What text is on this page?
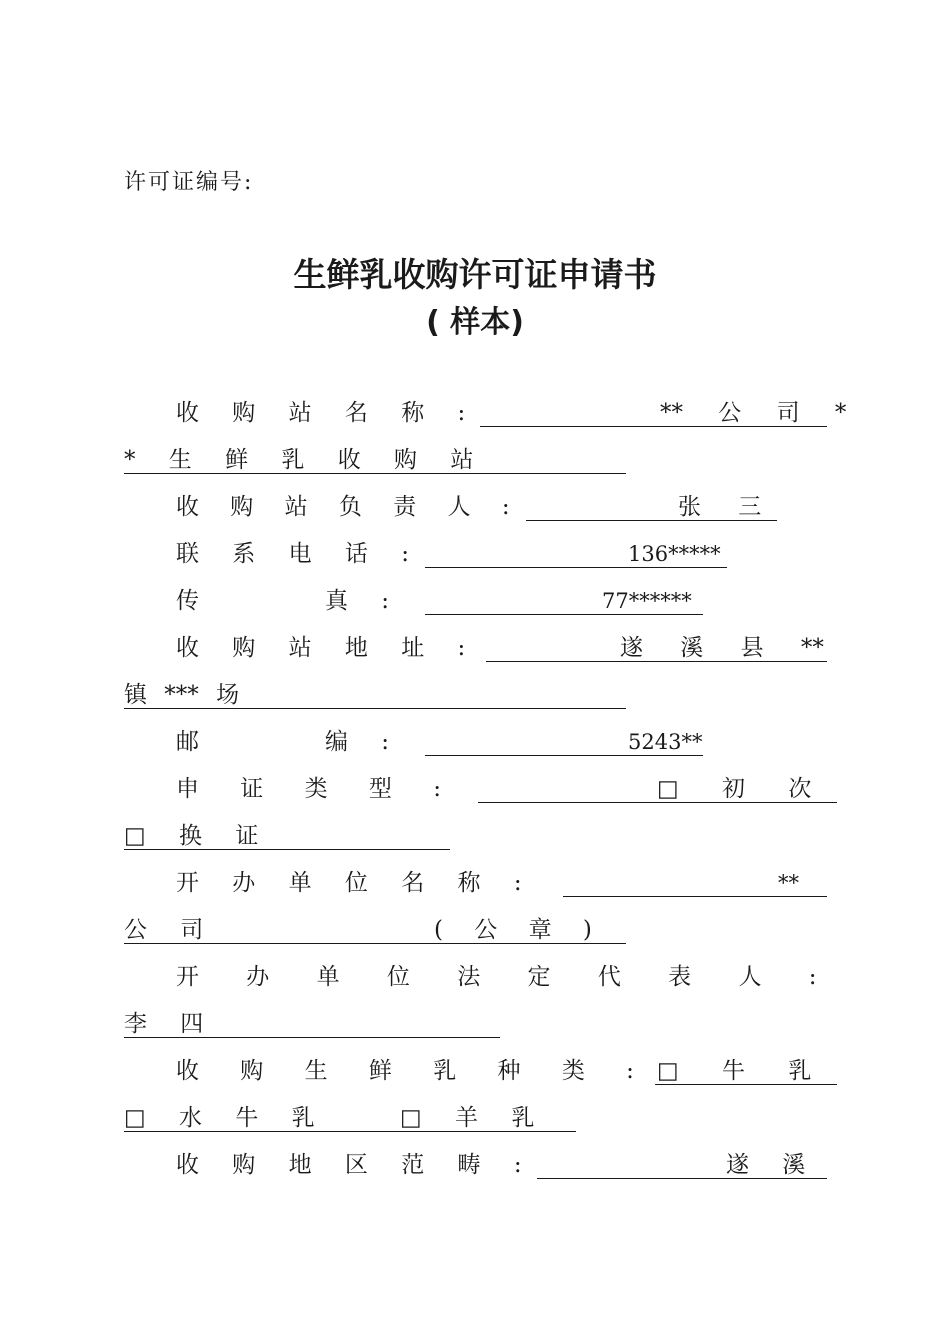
许可证编号:
生鲜乳收购许可证申请书
( 样本)
收 购 站 名 称 :	** 公 司 *
* 生 鲜 乳 收 购 站
收 购 站 负 责 人 :	张 三
联 系 电 话 :	136*****
传	真 :	77******
收 购 站 地 址 :	遂 溪 县 **
镇 *** 场
邮	编 :	5243**
申 证 类 型 :	□ 初 次
□ 换 证
开 办 单 位 名 称 :	**
公 司	( 公 章 )
开 办 单 位 法 定 代 表 人 :
李 四
收 购 生 鲜 乳 种 类 : □ 牛 乳
□ 水 牛 乳	□ 羊 乳
收 购 地 区 范 畴 :	遂 溪
